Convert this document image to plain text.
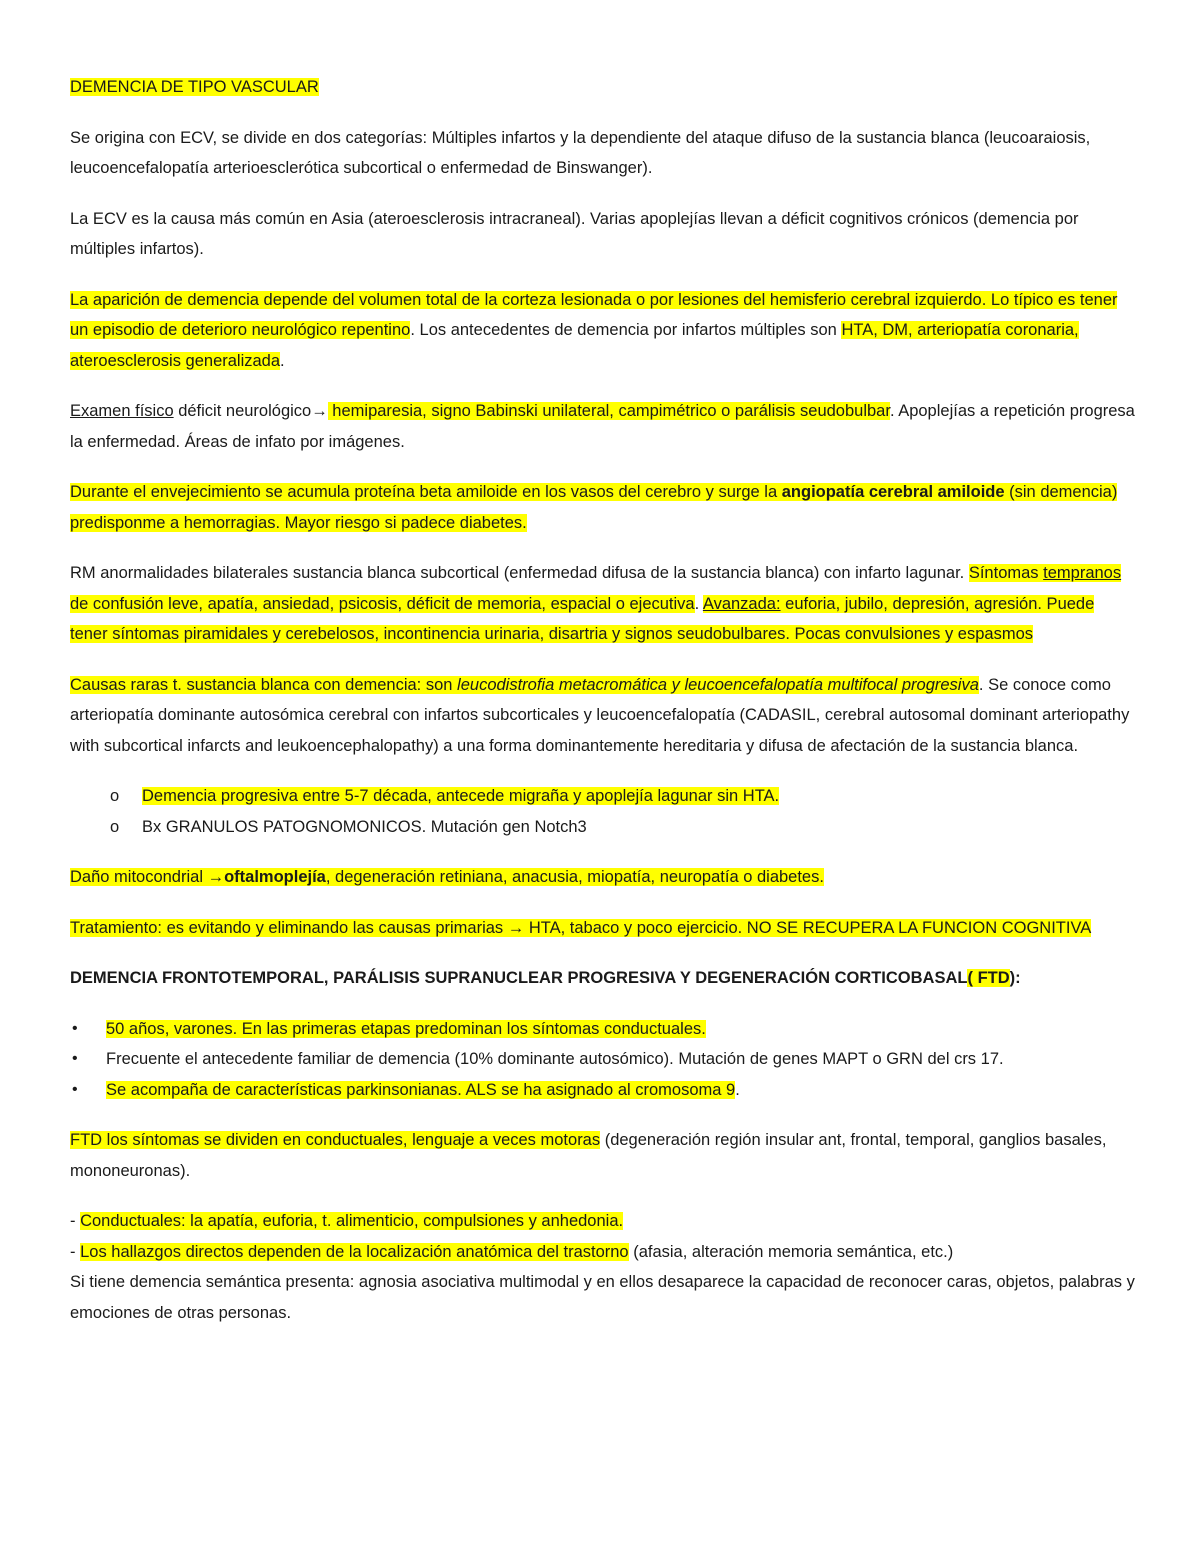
DEMENCIA DE TIPO VASCULAR

Se origina con ECV, se divide en dos categorías: Múltiples infartos y la dependiente del ataque difuso de la sustancia blanca (leucoaraiosis, leucoencefalopatía arterioesclerótica subcortical o enfermedad de Binswanger).

La ECV es la causa más común en Asia (ateroesclerosis intracraneal). Varias apoplejías llevan a déficit cognitivos crónicos (demencia por múltiples infartos).

La aparición de demencia depende del volumen total de la corteza lesionada o por lesiones del hemisferio cerebral izquierdo. Lo típico es tener un episodio de deterioro neurológico repentino. Los antecedentes de demencia por infartos múltiples son HTA, DM, arteriopatía coronaria, ateroesclerosis generalizada.

Examen físico déficit neurológico→ hemiparesia, signo Babinski unilateral, campimétrico o parálisis seudobulbar. Apoplejías a repetición progresa la enfermedad. Áreas de infato por imágenes.

Durante el envejecimiento se acumula proteína beta amiloide en los vasos del cerebro y surge la angiopatía cerebral amiloide (sin demencia) predisponme a hemorragias. Mayor riesgo si padece diabetes.

RM anormalidades bilaterales sustancia blanca subcortical (enfermedad difusa de la sustancia blanca) con infarto lagunar. Síntomas tempranos de confusión leve, apatía, ansiedad, psicosis, déficit de memoria, espacial o ejecutiva. Avanzada: euforia, jubilo, depresión, agresión. Puede tener síntomas piramidales y cerebelosos, incontinencia urinaria, disartria y signos seudobulbares. Pocas convulsiones y espasmos

Causas raras t. sustancia blanca con demencia: son leucodistrofia metacromática y leucoencefalopatía multifocal progresiva. Se conoce como arteriopatía dominante autosómica cerebral con infartos subcorticales y leucoencefalopatía (CADASIL, cerebral autosomal dominant arteriopathy with subcortical infarcts and leukoencephalopathy) a una forma dominantemente hereditaria y difusa de afectación de la sustancia blanca.

o Demencia progresiva entre 5-7 década, antecede migraña y apoplejía lagunar sin HTA.
o Bx GRANULOS PATOGNOMONICOS. Mutación gen Notch3

Daño mitocondrial →oftalmoplejía, degeneración retiniana, anacusia, miopatía, neuropatía o diabetes.

Tratamiento: es evitando y eliminando las causas primarias → HTA, tabaco y poco ejercicio. NO SE RECUPERA LA FUNCION COGNITIVA

DEMENCIA FRONTOTEMPORAL, PARÁLISIS SUPRANUCLEAR PROGRESIVA Y DEGENERACIÓN CORTICOBASAL( FTD):

• 50 años, varones. En las primeras etapas predominan los síntomas conductuales.
• Frecuente el antecedente familiar de demencia (10% dominante autosómico). Mutación de genes MAPT o GRN del crs 17.
• Se acompaña de características parkinsonianas. ALS se ha asignado al cromosoma 9.

FTD los síntomas se dividen en conductuales, lenguaje a veces motoras (degeneración región insular ant, frontal, temporal, ganglios basales, mononeuronas).

- Conductuales: la apatía, euforia, t. alimenticio, compulsiones y anhedonia.

- Los hallazgos directos dependen de la localización anatómica del trastorno (afasia, alteración memoria semántica, etc.)

Si tiene demencia semántica presenta: agnosia asociativa multimodal y en ellos desaparece la capacidad de reconocer caras, objetos, palabras y emociones de otras personas.
